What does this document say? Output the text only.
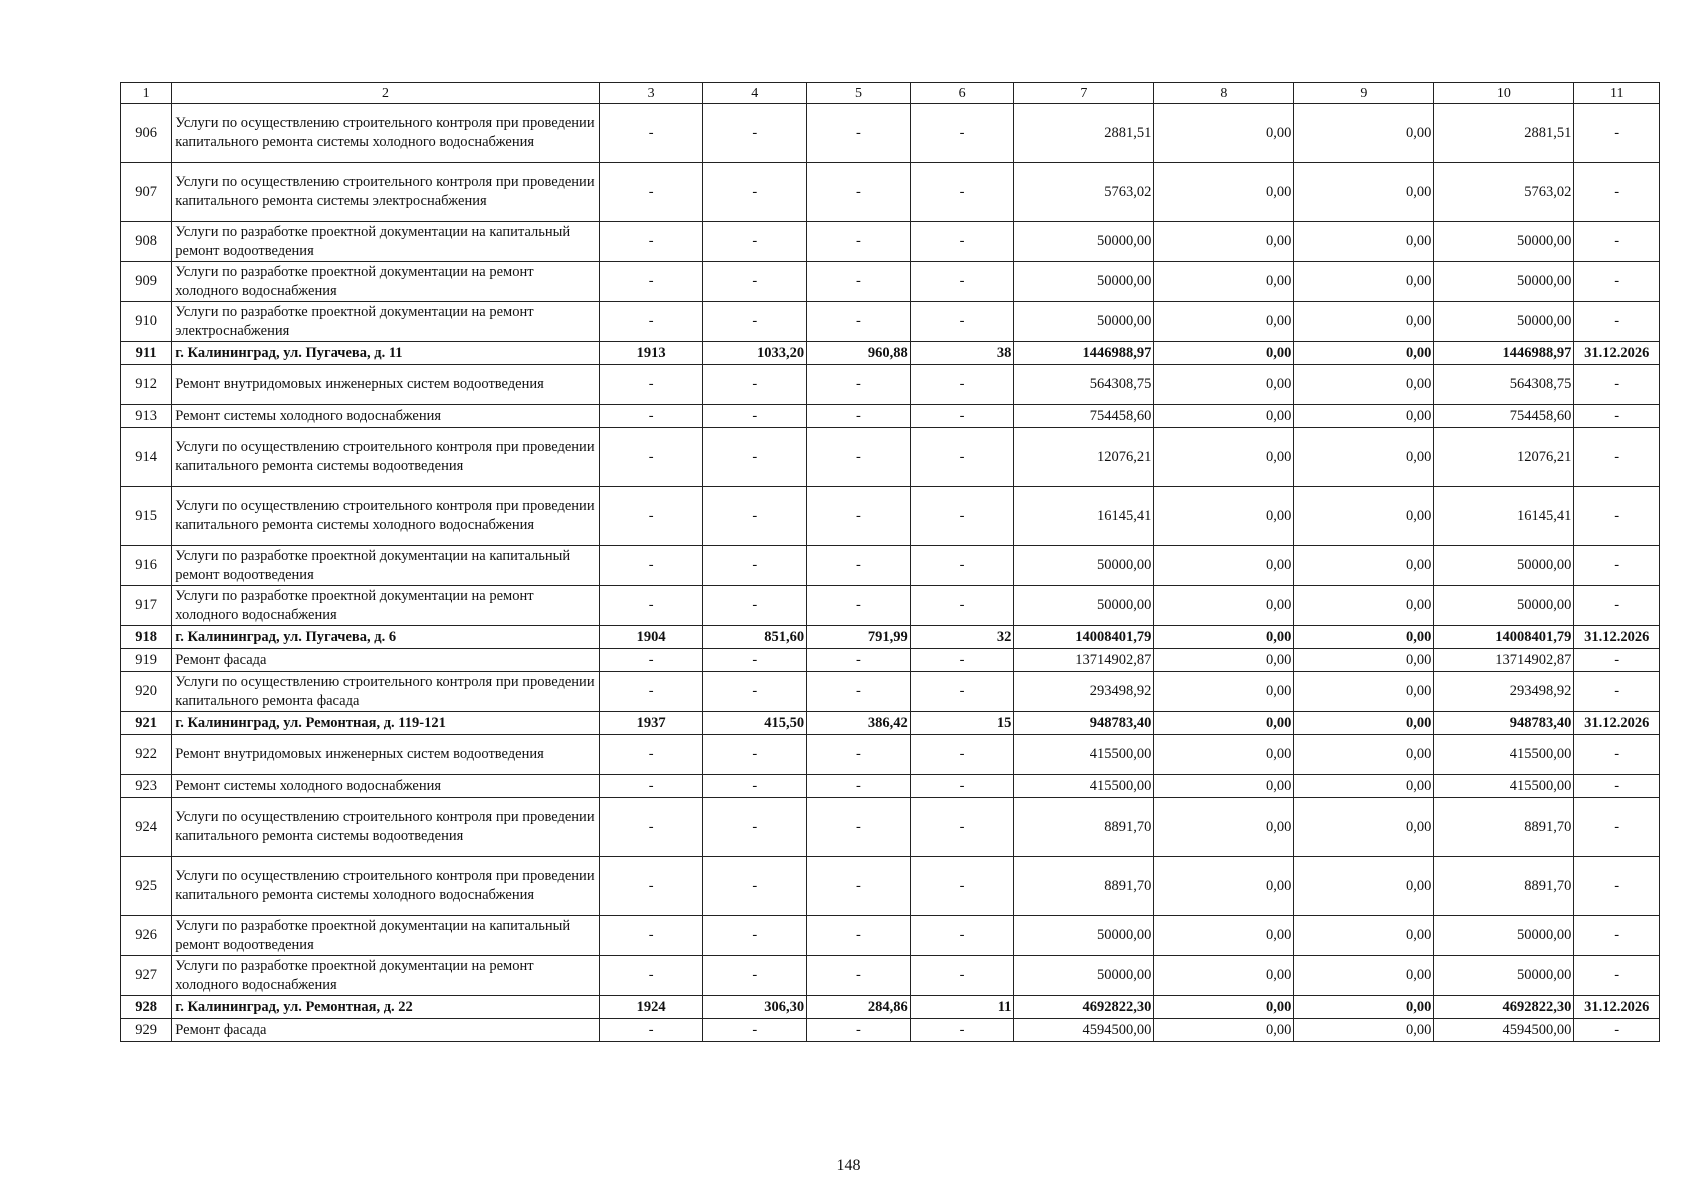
1	2	3	4	5	6	7	8	9	10	11
906	Услуги по осуществлению строительного контроля при проведении капитального ремонта системы холодного водоснабжения	-	-	-	-	2881,51	0,00	0,00	2881,51	-
907	Услуги по осуществлению строительного контроля при проведении капитального ремонта системы электроснабжения	-	-	-	-	5763,02	0,00	0,00	5763,02	-
908	Услуги по разработке проектной документации на капитальный ремонт водоотведения	-	-	-	-	50000,00	0,00	0,00	50000,00	-
909	Услуги по разработке проектной документации на ремонт холодного водоснабжения	-	-	-	-	50000,00	0,00	0,00	50000,00	-
910	Услуги по разработке проектной документации на ремонт электроснабжения	-	-	-	-	50000,00	0,00	0,00	50000,00	-
911	г. Калининград, ул. Пугачева, д. 11	1913	1033,20	960,88	38	1446988,97	0,00	0,00	1446988,97	31.12.2026
912	Ремонт внутридомовых инженерных систем водоотведения	-	-	-	-	564308,75	0,00	0,00	564308,75	-
913	Ремонт системы холодного водоснабжения	-	-	-	-	754458,60	0,00	0,00	754458,60	-
914	Услуги по осуществлению строительного контроля при проведении капитального ремонта системы водоотведения	-	-	-	-	12076,21	0,00	0,00	12076,21	-
915	Услуги по осуществлению строительного контроля при проведении капитального ремонта системы холодного водоснабжения	-	-	-	-	16145,41	0,00	0,00	16145,41	-
916	Услуги по разработке проектной документации на капитальный ремонт водоотведения	-	-	-	-	50000,00	0,00	0,00	50000,00	-
917	Услуги по разработке проектной документации на ремонт холодного водоснабжения	-	-	-	-	50000,00	0,00	0,00	50000,00	-
918	г. Калининград, ул. Пугачева, д. 6	1904	851,60	791,99	32	14008401,79	0,00	0,00	14008401,79	31.12.2026
919	Ремонт фасада	-	-	-	-	13714902,87	0,00	0,00	13714902,87	-
920	Услуги по осуществлению строительного контроля при проведении капитального ремонта фасада	-	-	-	-	293498,92	0,00	0,00	293498,92	-
921	г. Калининград, ул. Ремонтная, д. 119-121	1937	415,50	386,42	15	948783,40	0,00	0,00	948783,40	31.12.2026
922	Ремонт внутридомовых инженерных систем водоотведения	-	-	-	-	415500,00	0,00	0,00	415500,00	-
923	Ремонт системы холодного водоснабжения	-	-	-	-	415500,00	0,00	0,00	415500,00	-
924	Услуги по осуществлению строительного контроля при проведении капитального ремонта системы водоотведения	-	-	-	-	8891,70	0,00	0,00	8891,70	-
925	Услуги по осуществлению строительного контроля при проведении капитального ремонта системы холодного водоснабжения	-	-	-	-	8891,70	0,00	0,00	8891,70	-
926	Услуги по разработке проектной документации на капитальный ремонт водоотведения	-	-	-	-	50000,00	0,00	0,00	50000,00	-
927	Услуги по разработке проектной документации на ремонт холодного водоснабжения	-	-	-	-	50000,00	0,00	0,00	50000,00	-
928	г. Калининград, ул. Ремонтная, д. 22	1924	306,30	284,86	11	4692822,30	0,00	0,00	4692822,30	31.12.2026
929	Ремонт фасада	-	-	-	-	4594500,00	0,00	0,00	4594500,00	-
148
